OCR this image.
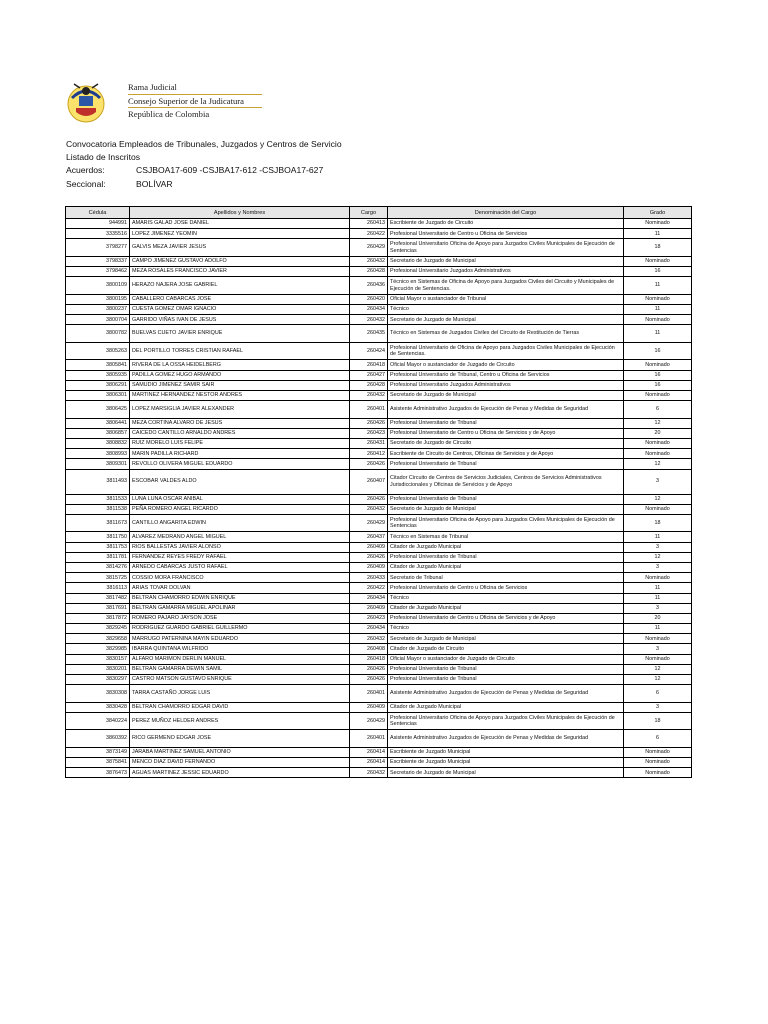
Rama Judicial
Consejo Superior de la Judicatura
República de Colombia
Convocatoria Empleados de Tribunales, Juzgados y Centros de Servicio
Listado de Inscritos
Acuerdos:	CSJBOA17-609 -CSJBA17-612 -CSJBOA17-627
Seccional:	BOLÍVAR
Cédula	Apellidos y Nombres	Cargo	Denominación del Cargo	Grado
944991	AMARIS GALAD JOSE DANIEL	260413	Escribiente de Juzgado de Circuito	Nominado
3335516	LOPEZ JIMENEZ YEOMIN	260422	Profesional Universitario de Centro u Oficina de Servicios	11
3798277	GALVIS MEZA JAVIER JESUS	260429	Profesional Universitario Oficina de Apoyo para Juzgados Civiles Municipales de Ejecución de Sentencias	18
3798337	CAMPO JIMENEZ GUSTAVO ADOLFO	260432	Secretario de Juzgado de Municipal	Nominado
3798462	MEZA ROSALES FRANCISCO JAVIER	260428	Profesional Universitario Juzgados Administrativos	16
3800109	HERAZO NAJERA JOSE GABRIEL	260436	Técnico en Sistemas de Oficina de Apoyo para Juzgados Civiles del Circuito y Municipales de Ejecución de Sentencias.	11
3800195	CABALLERO CABARCAS JOSE	260420	Oficial Mayor o sustanciador de Tribunal	Nominado
3800237	CUESTA GOMEZ OMAR IGNACIO	260434	Técnico	11
3800704	GARRIDO VIÑAS IVAN DE JESUS	260432	Secretario de Juzgado de Municipal	Nominado
3800782	BUELVAS CUETO JAVIER ENRIQUE	260435	Técnico en Sistemas de Juzgados Civiles del Circuito de Restitución de Tierras	11
3805263	DEL PORTILLO TORRES CRISTIAN RAFAEL	260424	Profesional Universitario de Oficina de Apoyo para Juzgados Civiles Municipales de Ejecución de Sentencias.	16
3805841	RIVERA DE LA OSSA HEIDELBERG	260418	Oficial Mayor o sustanciador de Juzgado de Circuito	Nominado
3805935	PADILLA GOMEZ HUGO ARMANDO	260427	Profesional Universitario de Tribunal, Centro u Oficina de Servicios	16
3806291	SAMUDIO JIMENEZ SAMIR SAIR	260428	Profesional Universitario Juzgados Administrativos	16
3806301	MARTINEZ HERNANDEZ NESTOR ANDRES	260432	Secretario de Juzgado de Municipal	Nominado
3806425	LOPEZ MARSIGLIA JAVIER ALEXANDER	260401	Asistente Administrativo Juzgados de Ejecución de Penas y Medidas de Seguridad	6
3806441	MEZA CORTINA ALVARO DE JESUS	260426	Profesional Universitario de Tribunal	12
3806857	CAICEDO CANTILLO ARNALDO ANDRES	260423	Profesional Universitario de Centro u Oficina de Servicios y de Apoyo	20
3808832	RUIZ MORELO LUIS FELIPE	260431	Secretario de Juzgado de Circuito	Nominado
3808993	MARIN PADILLA RICHARD	260412	Escribiente de Circuito de Centros, Oficinas de Servicios y de Apoyo	Nominado
3809301	REVOLLO OLIVERA MIGUEL EDUARDO	260426	Profesional Universitario de Tribunal	12
3811493	ESCOBAR VALDES ALDO	260407	Citador Circuito de Centros de Servicios Judiciales, Centros de Servicios Administrativos Jurisdiccionales y Oficinas de Servicios y de Apoyo	3
3811533	LUNA LUNA OSCAR ANIBAL	260426	Profesional Universitario de Tribunal	12
3811538	PEÑA ROMERO ANGEL RICARDO	260432	Secretario de Juzgado de Municipal	Nominado
3811673	CANTILLO ANGARITA EDWIN	260429	Profesional Universitario Oficina de Apoyo para Juzgados Civiles Municipales de Ejecución de Sentencias	18
3811750	ALVAREZ MEDRANO ANGEL MIGUEL	260437	Técnico en Sistemas de Tribunal	11
3811753	RIOS BALLESTAS JAVIER ALONSO	260409	Citador de Juzgado Municipal	3
3811781	FERNANDEZ REYES FREDY RAFAEL	260426	Profesional Universitario de Tribunal	12
3814276	ARNEDO CABARCAS JUSTO RAFAEL	260409	Citador de Juzgado Municipal	3
3815725	COSSIO MORA FRANCISCO	260433	Secretario de Tribunal	Nominado
3816113	ARIAS TOVAR DOLVAN	260422	Profesional Universitario de Centro u Oficina de Servicios	11
3817482	BELTRAN CHAMORRO EDWIN ENRIQUE	260434	Técnico	11
3817691	BELTRAN GAMARRA MIGUEL APOLINAR	260409	Citador de Juzgado Municipal	3
3817872	ROMERO PAJARO JAYSON JOSE	260423	Profesional Universitario de Centro u Oficina de Servicios y de Apoyo	20
3829245	RODRIGUEZ GUARDO GABRIEL GUILLERMO	260434	Técnico	11
3829658	MARRUGO PATERNINA MAYIN EDUARDO	260432	Secretario de Juzgado de Municipal	Nominado
3829985	IBARRA QUINTANA WILFRIDO	260408	Citador de Juzgado de Circuito	3
3830157	ALFARO MARIMON DERLIN MANUEL	260418	Oficial Mayor o sustanciador de Juzgado de Circuito	Nominado
3830201	BELTRAN GAMARRA DEWIN SAMIL	260426	Profesional Universitario de Tribunal	12
3830297	CASTRO MATSON GUSTAVO ENRIQUE	260426	Profesional Universitario de Tribunal	12
3830308	TARRA CASTAÑO JORGE LUIS	260401	Asistente Administrativo Juzgados de Ejecución de Penas y Medidas de Seguridad	6
3830428	BELTRAN CHAMORRO EDGAR DAVID	260409	Citador de Juzgado Municipal	3
3840224	PEREZ MUÑOZ HELDER ANDRES	260429	Profesional Universitario Oficina de Apoyo para Juzgados Civiles Municipales de Ejecución de Sentencias	18
3860392	RICO GERMENO EDGAR JOSE	260401	Asistente Administrativo Juzgados de Ejecución de Penas y Medidas de Seguridad	6
3873149	JARABA MARTINEZ SAMUEL ANTONIO	260414	Escribiente de Juzgado Municipal	Nominado
3875841	MENCO DIAZ DAVID FERNANDO	260414	Escribiente de Juzgado Municipal	Nominado
3876473	AGUAS MARTINEZ JESSIC EDUARDO	260432	Secretario de Juzgado de Municipal	Nominado
